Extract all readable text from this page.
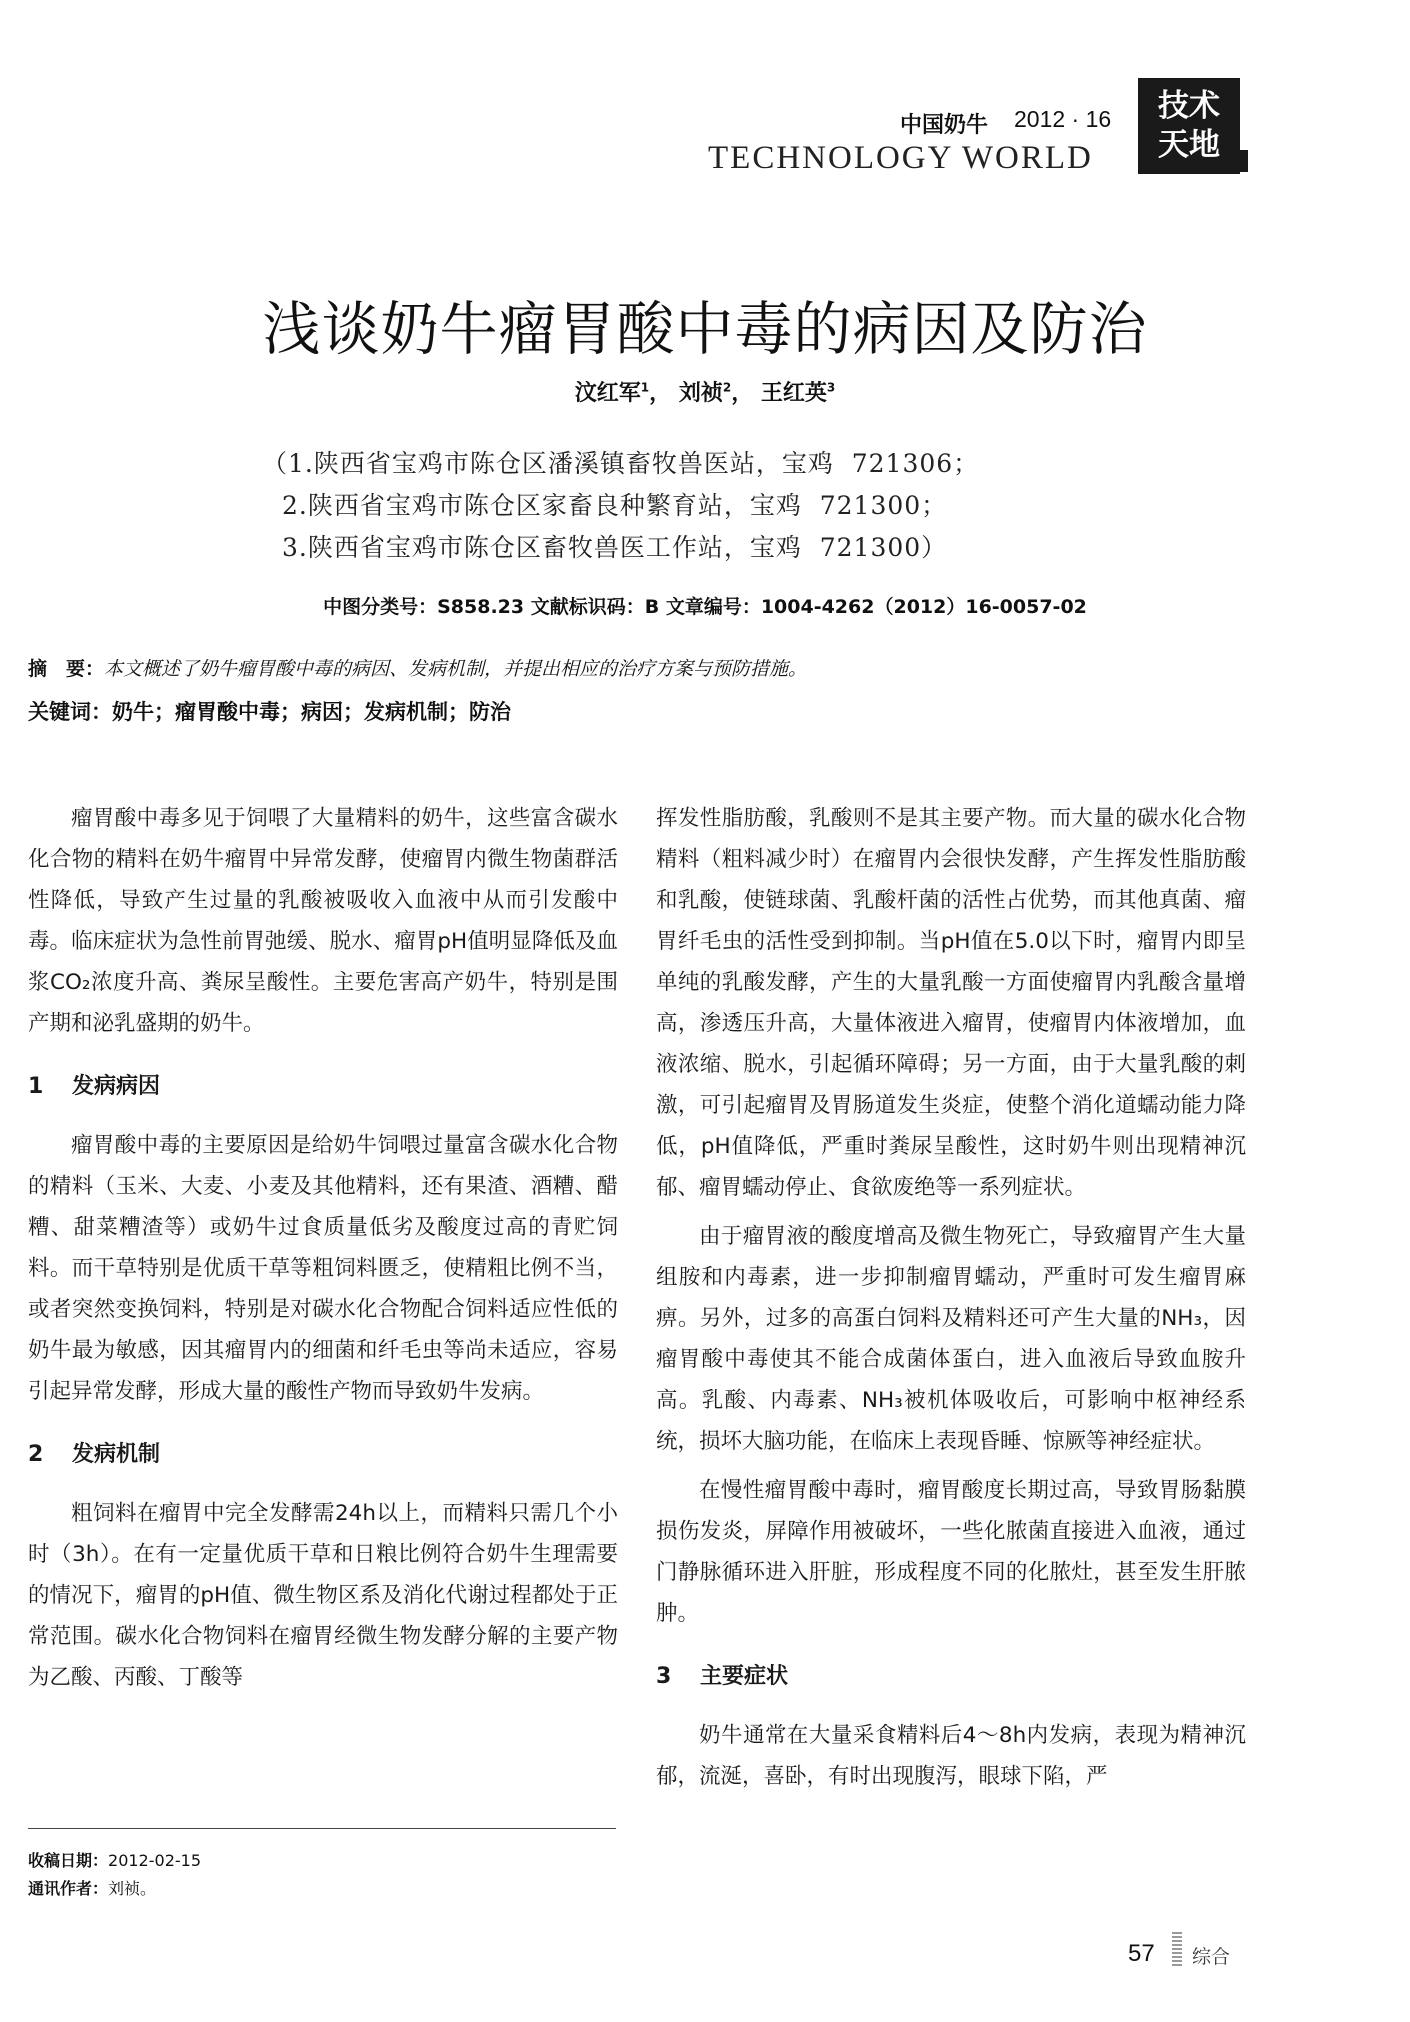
中国奶牛 2012 · 16
TECHNOLOGY WORLD
技术
天地
浅谈奶牛瘤胃酸中毒的病因及防治
汶红军$^1$， 刘祯$^2$， 王红英$^3$
（1.陕西省宝鸡市陈仓区潘溪镇畜牧兽医站，宝鸡  721306；
2.陕西省宝鸡市陈仓区家畜良种繁育站，宝鸡  721300；
3.陕西省宝鸡市陈仓区畜牧兽医工作站，宝鸡  721300）
中图分类号：S858.23 文献标识码：B 文章编号：1004-4262（2012）16-0057-02
摘　要：本文概述了奶牛瘤胃酸中毒的病因、发病机制，并提出相应的治疗方案与预防措施。
关键词：奶牛；瘤胃酸中毒；病因；发病机制；防治

瘤胃酸中毒多见于饲喂了大量精料的奶牛，这些富含碳水化合物的精料在奶牛瘤胃中异常发酵，使瘤胃内微生物菌群活性降低，导致产生过量的乳酸被吸收入血液中从而引发酸中毒。临床症状为急性前胃弛缓、脱水、瘤胃pH值明显降低及血浆CO₂浓度升高、粪尿呈酸性。主要危害高产奶牛，特别是围产期和泌乳盛期的奶牛。

1 发病病因

瘤胃酸中毒的主要原因是给奶牛饲喂过量富含碳水化合物的精料（玉米、大麦、小麦及其他精料，还有果渣、酒糟、醋糟、甜菜糟渣等）或奶牛过食质量低劣及酸度过高的青贮饲料。而干草特别是优质干草等粗饲料匮乏，使精粗比例不当，或者突然变换饲料，特别是对碳水化合物配合饲料适应性低的奶牛最为敏感，因其瘤胃内的细菌和纤毛虫等尚未适应，容易引起异常发酵，形成大量的酸性产物而导致奶牛发病。

2 发病机制

粗饲料在瘤胃中完全发酵需24h以上，而精料只需几个小时（3h）。在有一定量优质干草和日粮比例符合奶牛生理需要的情况下，瘤胃的pH值、微生物区系及消化代谢过程都处于正常范围。碳水化合物饲料在瘤胃经微生物发酵分解的主要产物为乙酸、丙酸、丁酸等

挥发性脂肪酸，乳酸则不是其主要产物。而大量的碳水化合物精料（粗料减少时）在瘤胃内会很快发酵，产生挥发性脂肪酸和乳酸，使链球菌、乳酸杆菌的活性占优势，而其他真菌、瘤胃纤毛虫的活性受到抑制。当pH值在5.0以下时，瘤胃内即呈单纯的乳酸发酵，产生的大量乳酸一方面使瘤胃内乳酸含量增高，渗透压升高，大量体液进入瘤胃，使瘤胃内体液增加，血液浓缩、脱水，引起循环障碍；另一方面，由于大量乳酸的刺激，可引起瘤胃及胃肠道发生炎症，使整个消化道蠕动能力降低，pH值降低，严重时粪尿呈酸性，这时奶牛则出现精神沉郁、瘤胃蠕动停止、食欲废绝等一系列症状。

由于瘤胃液的酸度增高及微生物死亡，导致瘤胃产生大量组胺和内毒素，进一步抑制瘤胃蠕动，严重时可发生瘤胃麻痹。另外，过多的高蛋白饲料及精料还可产生大量的NH₃，因瘤胃酸中毒使其不能合成菌体蛋白，进入血液后导致血胺升高。乳酸、内毒素、NH₃被机体吸收后，可影响中枢神经系统，损坏大脑功能，在临床上表现昏睡、惊厥等神经症状。

在慢性瘤胃酸中毒时，瘤胃酸度长期过高，导致胃肠黏膜损伤发炎，屏障作用被破坏，一些化脓菌直接进入血液，通过门静脉循环进入肝脏，形成程度不同的化脓灶，甚至发生肝脓肿。

3 主要症状

奶牛通常在大量采食精料后4～8h内发病，表现为精神沉郁，流涎，喜卧，有时出现腹泻，眼球下陷，严

收稿日期：2012-02-15
通讯作者：刘祯。
57 综合
